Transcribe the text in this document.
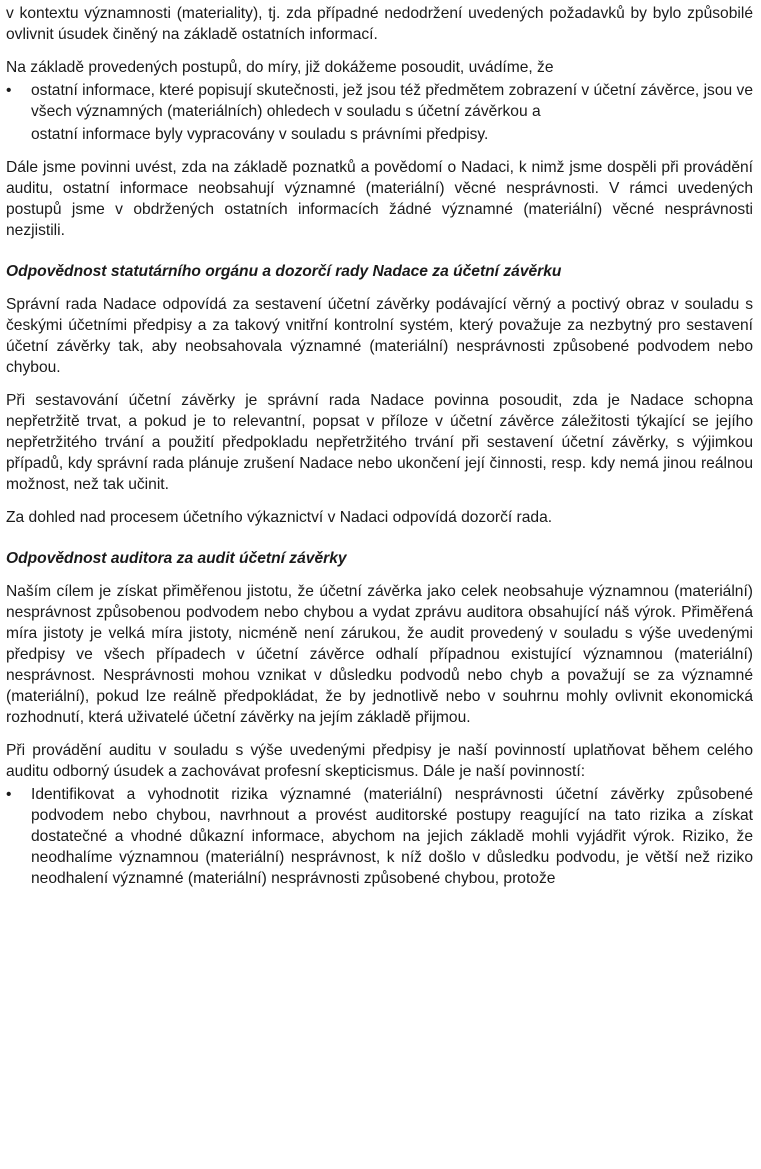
v kontextu významnosti (materiality), tj. zda případné nedodržení uvedených požadavků by bylo způsobilé ovlivnit úsudek činěný na základě ostatních informací.

Na základě provedených postupů, do míry, již dokážeme posoudit, uvádíme, že

•	ostatní informace, které popisují skutečnosti, jež jsou též předmětem zobrazení v účetní závěrce, jsou ve všech významných (materiálních) ohledech v souladu s účetní závěrkou a

ostatní informace byly vypracovány v souladu s právními předpisy.

Dále jsme povinni uvést, zda na základě poznatků a povědomí o Nadaci, k nimž jsme dospěli při provádění auditu, ostatní informace neobsahují významné (materiální) věcné nesprávnosti. V rámci uvedených postupů jsme v obdržených ostatních informacích žádné významné (materiální) věcné nesprávnosti nezjistili.

Odpovědnost statutárního orgánu a dozorčí rady Nadace za účetní závěrku

Správní rada Nadace odpovídá za sestavení účetní závěrky podávající věrný a poctivý obraz v souladu s českými účetními předpisy a za takový vnitřní kontrolní systém, který považuje za nezbytný pro sestavení účetní závěrky tak, aby neobsahovala významné (materiální) nesprávnosti způsobené podvodem nebo chybou.

Při sestavování účetní závěrky je správní rada Nadace povinna posoudit, zda je Nadace schopna nepřetržitě trvat, a pokud je to relevantní, popsat v příloze v účetní závěrce záležitosti týkající se jejího nepřetržitého trvání a použití předpokladu nepřetržitého trvání při sestavení účetní závěrky, s výjimkou případů, kdy správní rada plánuje zrušení Nadace nebo ukončení její činnosti, resp. kdy nemá jinou reálnou možnost, než tak učinit.

Za dohled nad procesem účetního výkaznictví v Nadaci odpovídá dozorčí rada.

Odpovědnost auditora za audit účetní závěrky

Naším cílem je získat přiměřenou jistotu, že účetní závěrka jako celek neobsahuje významnou (materiální) nesprávnost způsobenou podvodem nebo chybou a vydat zprávu auditora obsahující náš výrok. Přiměřená míra jistoty je velká míra jistoty, nicméně není zárukou, že audit provedený v souladu s výše uvedenými předpisy ve všech případech v účetní závěrce odhalí případnou existující významnou (materiální) nesprávnost. Nesprávnosti mohou vznikat v důsledku podvodů nebo chyb a považují se za významné (materiální), pokud lze reálně předpokládat, že by jednotlivě nebo v souhrnu mohly ovlivnit ekonomická rozhodnutí, která uživatelé účetní závěrky na jejím základě přijmou.

Při provádění auditu v souladu s výše uvedenými předpisy je naší povinností uplatňovat během celého auditu odborný úsudek a zachovávat profesní skepticismus. Dále je naší povinností:

•	Identifikovat a vyhodnotit rizika významné (materiální) nesprávnosti účetní závěrky způsobené podvodem nebo chybou, navrhnout a provést auditorské postupy reagující na tato rizika a získat dostatečné a vhodné důkazní informace, abychom na jejich základě mohli vyjádřit výrok. Riziko, že neodhalíme významnou (materiální) nesprávnost, k níž došlo v důsledku podvodu, je větší než riziko neodhalení významné (materiální) nesprávnosti způsobené chybou, protože
